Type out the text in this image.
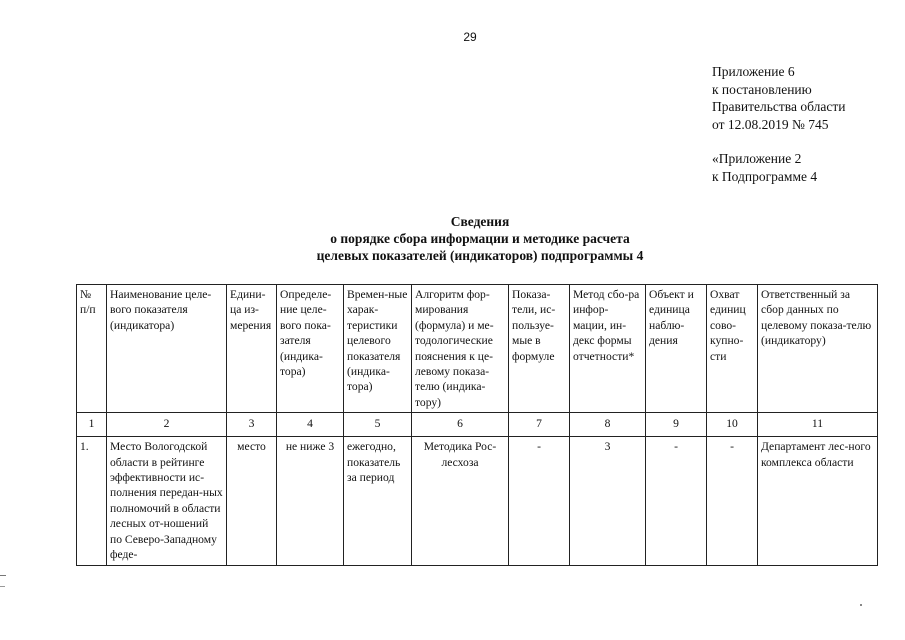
29
Приложение 6
к постановлению
Правительства области
от 12.08.2019 № 745
«Приложение 2
к Подпрограмме 4
Сведения
о порядке сбора информации и методике расчета
целевых показателей (индикаторов) подпрограммы 4
№ п/п	Наименование целе-вого показателя (индикатора)	Едини-ца из-мерения	Определе-ние целе-вого пока-зателя (индика-тора)	Времен-ные харак-теристики целевого показателя (индика-тора)	Алгоритм фор-мирования (формула) и ме-тодологические пояснения к це-левому показа-телю (индика-тору)	Показа-тели, ис-пользуе-мые в формуле	Метод сбо-ра инфор-мации, ин-декс формы отчетности*	Объект и единица наблю-дения	Охват единиц сово-купно-сти	Ответственный за сбор данных по целевому показа-телю (индикатору)
1	2	3	4	5	6	7	8	9	10	11
1.	Место Вологодской области в рейтинге эффективности ис-полнения передан-ных полномочий в области лесных от-ношений по Северо-Западному феде-	место	не ниже 3	ежегодно, показатель за период	Методика Рос-лесхоза	-	3	-	-	Департамент лес-ного комплекса области
